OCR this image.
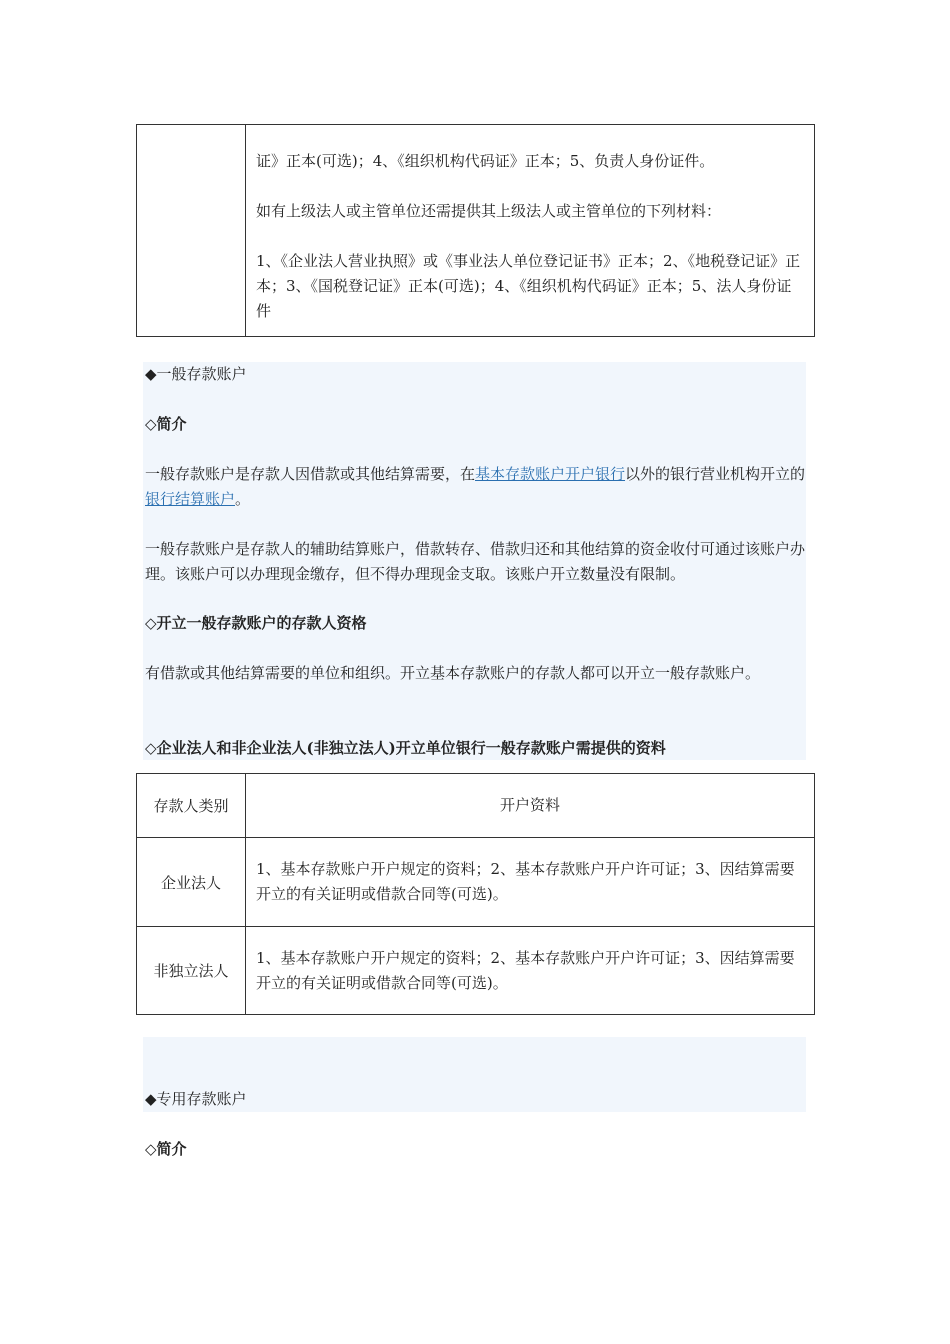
证》正本(可选)；4、《组织机构代码证》正本；5、负责人身份证件。

如有上级法人或主管单位还需提供其上级法人或主管单位的下列材料：

1、《企业法人营业执照》或《事业法人单位登记证书》正本；2、《地税登记证》正本；3、《国税登记证》正本(可选)；4、《组织机构代码证》正本；5、法人身份证件

◆一般存款账户

◇简介

一般存款账户是存款人因借款或其他结算需要，在基本存款账户开户银行以外的银行营业机构开立的银行结算账户。

一般存款账户是存款人的辅助结算账户，借款转存、借款归还和其他结算的资金收付可通过该账户办理。该账户可以办理现金缴存，但不得办理现金支取。该账户开立数量没有限制。

◇开立一般存款账户的存款人资格

有借款或其他结算需要的单位和组织。开立基本存款账户的存款人都可以开立一般存款账户。

◇企业法人和非企业法人(非独立法人)开立单位银行一般存款账户需提供的资料

存款人类别	开户资料
企业法人
1、基本存款账户开户规定的资料；2、基本存款账户开户许可证；3、因结算需要开立的有关证明或借款合同等(可选)。
非独立法人
1、基本存款账户开户规定的资料；2、基本存款账户开户许可证；3、因结算需要开立的有关证明或借款合同等(可选)。

◆专用存款账户

◇简介
